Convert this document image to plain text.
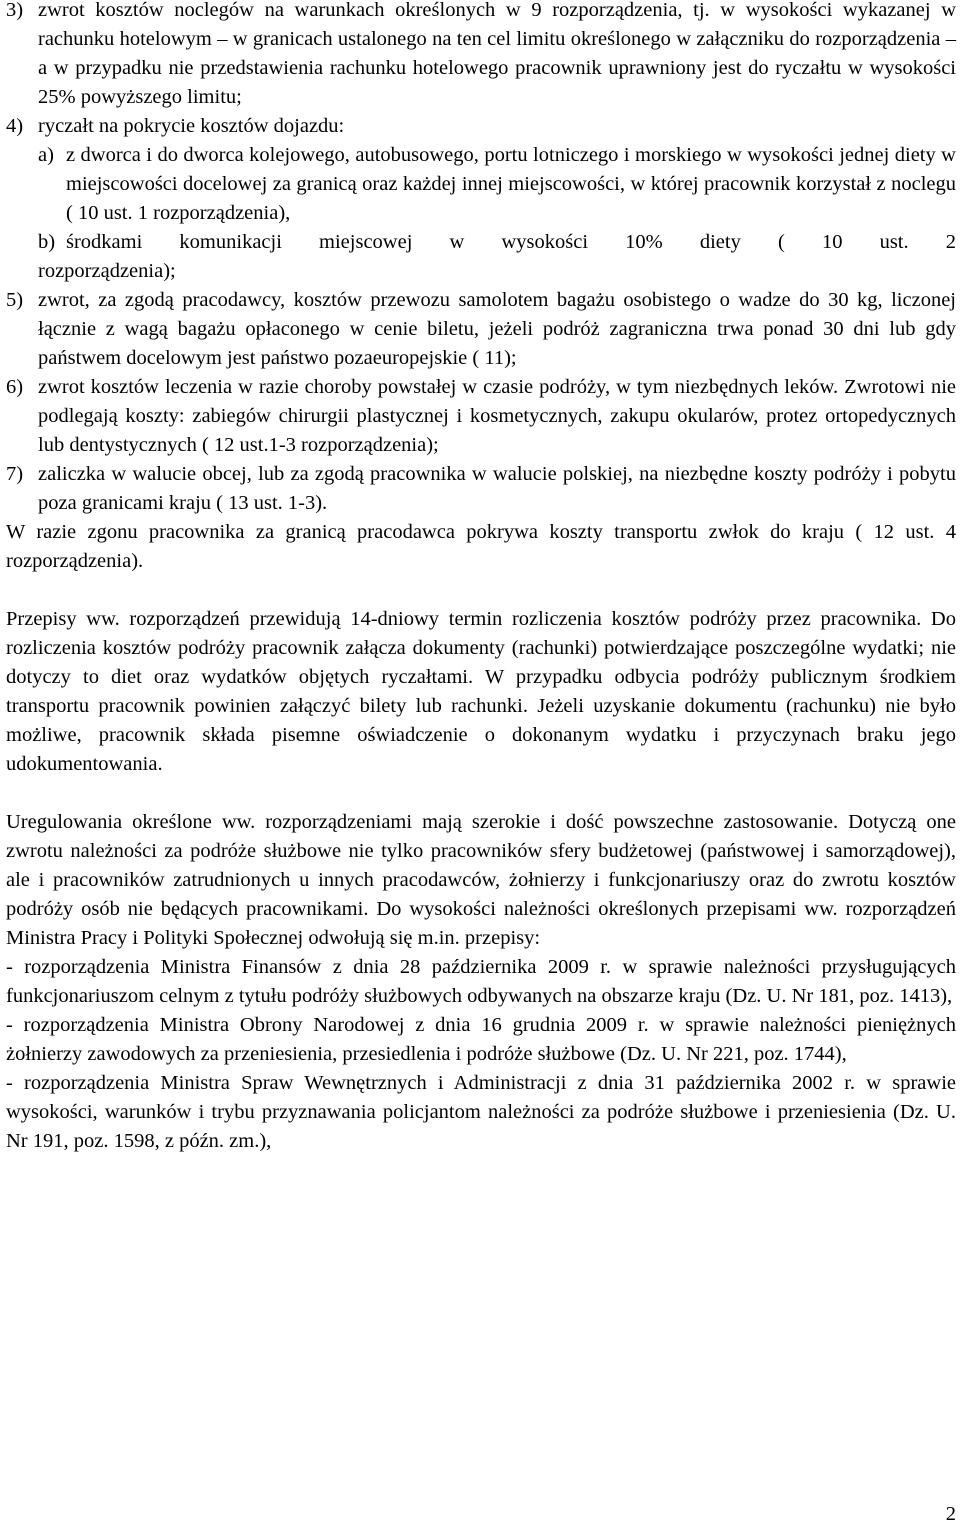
3) zwrot kosztów noclegów na warunkach określonych w 9 rozporządzenia, tj. w wysokości wykazanej w rachunku hotelowym – w granicach ustalonego na ten cel limitu określonego w załączniku do rozporządzenia – a w przypadku nie przedstawienia rachunku hotelowego pracownik uprawniony jest do ryczałtu w wysokości 25% powyższego limitu;
4) ryczałt na pokrycie kosztów dojazdu:
a) z dworca i do dworca kolejowego, autobusowego, portu lotniczego i morskiego w wysokości jednej diety w miejscowości docelowej za granicą oraz każdej innej miejscowości, w której pracownik korzystał z noclegu ( 10 ust. 1 rozporządzenia),
b) środkami komunikacji miejscowej w wysokości 10% diety ( 10 ust. 2
rozporządzenia);
5) zwrot, za zgodą pracodawcy, kosztów przewozu samolotem bagażu osobistego o wadze do 30 kg, liczonej łącznie z wagą bagażu opłaconego w cenie biletu, jeżeli podróż zagraniczna trwa ponad 30 dni lub gdy państwem docelowym jest państwo pozaeuropejskie ( 11);
6) zwrot kosztów leczenia w razie choroby powstałej w czasie podróży, w tym niezbędnych leków. Zwrotowi nie podlegają koszty: zabiegów chirurgii plastycznej i kosmetycznych, zakupu okularów, protez ortopedycznych lub dentystycznych ( 12 ust.1-3 rozporządzenia);
7) zaliczka w walucie obcej, lub za zgodą pracownika w walucie polskiej, na niezbędne koszty podróży i pobytu poza granicami kraju ( 13 ust. 1-3).

W razie zgonu pracownika za granicą pracodawca pokrywa koszty transportu zwłok do kraju ( 12 ust. 4 rozporządzenia).

Przepisy ww. rozporządzeń przewidują 14-dniowy termin rozliczenia kosztów podróży przez pracownika. Do rozliczenia kosztów podróży pracownik załącza dokumenty (rachunki) potwierdzające poszczególne wydatki; nie dotyczy to diet oraz wydatków objętych ryczałtami. W przypadku odbycia podróży publicznym środkiem transportu pracownik powinien załączyć bilety lub rachunki. Jeżeli uzyskanie dokumentu (rachunku) nie było możliwe, pracownik składa pisemne oświadczenie o dokonanym wydatku i przyczynach braku jego udokumentowania.

Uregulowania określone ww. rozporządzeniami mają szerokie i dość powszechne zastosowanie. Dotyczą one zwrotu należności za podróże służbowe nie tylko pracowników sfery budżetowej (państwowej i samorządowej), ale i pracowników zatrudnionych u innych pracodawców, żołnierzy i funkcjonariuszy oraz do zwrotu kosztów podróży osób nie będących pracownikami. Do wysokości należności określonych przepisami ww. rozporządzeń Ministra Pracy i Polityki Społecznej odwołują się m.in. przepisy:

- rozporządzenia Ministra Finansów z dnia 28 października 2009 r. w sprawie należności przysługujących funkcjonariuszom celnym z tytułu podróży służbowych odbywanych na obszarze kraju (Dz. U. Nr 181, poz. 1413),

- rozporządzenia Ministra Obrony Narodowej z dnia 16 grudnia 2009 r. w sprawie należności pieniężnych żołnierzy zawodowych za przeniesienia, przesiedlenia i podróże służbowe (Dz. U. Nr 221, poz. 1744),

- rozporządzenia Ministra Spraw Wewnętrznych i Administracji z dnia 31 października 2002 r. w sprawie wysokości, warunków i trybu przyznawania policjantom należności za podróże służbowe i przeniesienia (Dz. U. Nr 191, poz. 1598, z późn. zm.),

2
